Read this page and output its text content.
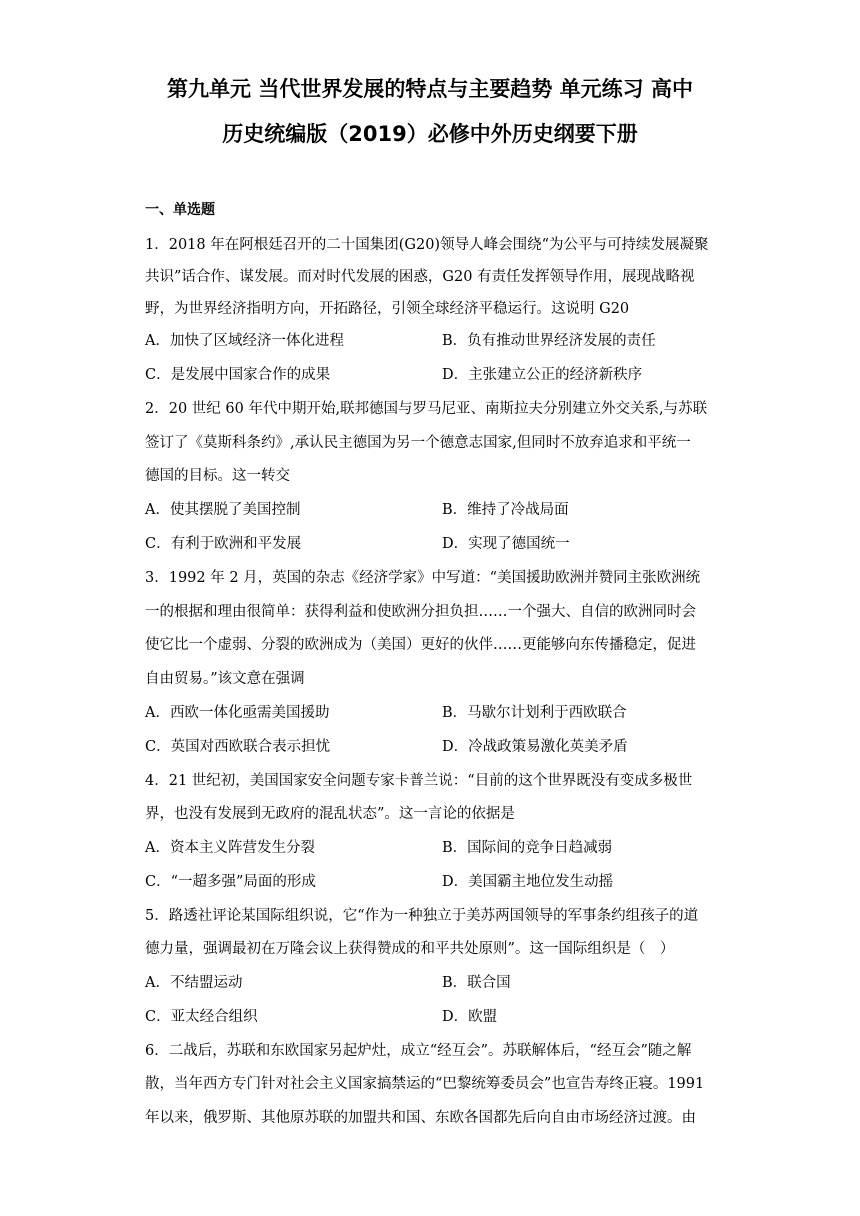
第九单元 当代世界发展的特点与主要趋势 单元练习 高中
历史统编版（2019）必修中外历史纲要下册
一、单选题
1．2018 年在阿根廷召开的二十国集团(G20)领导人峰会围绕“为公平与可持续发展凝聚
共识”话合作、谋发展。而对时代发展的困惑，G20 有责任发挥领导作用，展现战略视
野，为世界经济指明方向，开拓路径，引领全球经济平稳运行。这说明 G20
A．加快了区域经济一体化进程	B．负有推动世界经济发展的责任
C．是发展中国家合作的成果	D．主张建立公正的经济新秩序
2．20 世纪 60 年代中期开始,联邦德国与罗马尼亚、南斯拉夫分别建立外交关系,与苏联
签订了《莫斯科条约》,承认民主德国为另一个德意志国家,但同时不放弃追求和平统一
德国的目标。这一转交
A．使其摆脱了美国控制	B．维持了冷战局面
C．有利于欧洲和平发展	D．实现了德国统一
3．1992 年 2 月，英国的杂志《经济学家》中写道：“美国援助欧洲并赞同主张欧洲统
一的根据和理由很简单：获得利益和使欧洲分担负担……一个强大、自信的欧洲同时会
使它比一个虚弱、分裂的欧洲成为（美国）更好的伙伴……更能够向东传播稳定，促进
自由贸易。”该文意在强调
A．西欧一体化亟需美国援助	B．马歇尔计划利于西欧联合
C．英国对西欧联合表示担忧	D．冷战政策易激化英美矛盾
4．21 世纪初，美国国家安全问题专家卡普兰说：“目前的这个世界既没有变成多极世
界，也没有发展到无政府的混乱状态”。这一言论的依据是
A．资本主义阵营发生分裂	B．国际间的竞争日趋减弱
C．“一超多强”局面的形成	D．美国霸主地位发生动摇
5．路透社评论某国际组织说，它“作为一种独立于美苏两国领导的军事条约组孩子的道
德力量，强调最初在万隆会议上获得赞成的和平共处原则”。这一国际组织是（　）
A．不结盟运动	B．联合国
C．亚太经合组织	D．欧盟
6．二战后，苏联和东欧国家另起炉灶，成立“经互会”。苏联解体后，“经互会”随之解
散，当年西方专门针对社会主义国家搞禁运的“巴黎统筹委员会”也宣告寿终正寝。1991
年以来，俄罗斯、其他原苏联的加盟共和国、东欧各国都先后向自由市场经济过渡。由
